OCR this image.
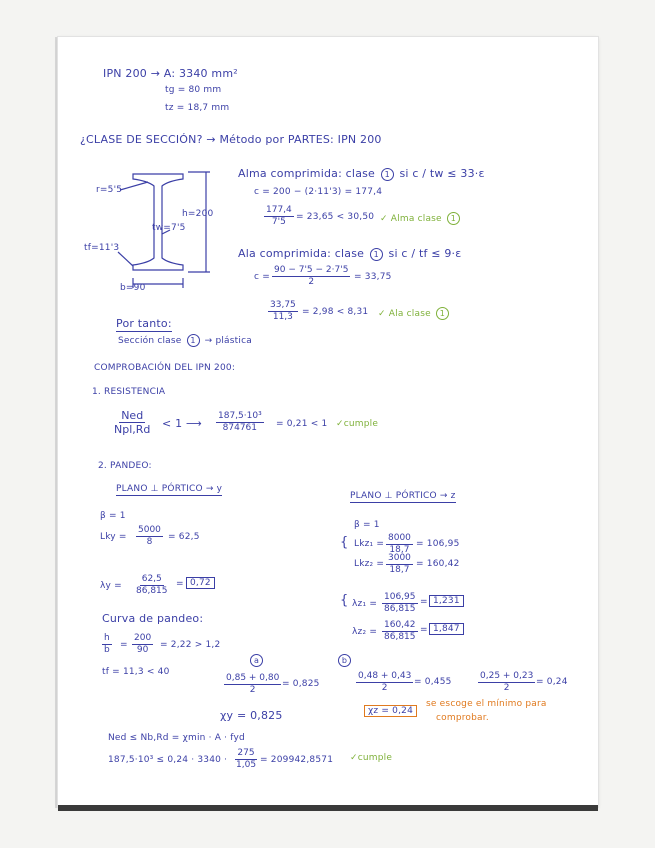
IPN 200 → A: 3340 mm²
tg = 80 mm
tz = 18,7 mm
¿CLASE DE SECCIÓN? → Método por PARTES: IPN 200
r=5'5
tw=7'5
h=200
tf=11'3
b=90
Alma comprimida: clase 1 si c / tw ≤ 33·ε
c = 200 − (2·11'3) = 177,4
$\frac{177,4}{7'5} = 23,65 < 30,50$ ✓ Alma clase 1
Ala comprimida: clase 1 si c / tf ≤ 9·ε
$c = \frac{90 - 7'5 - 2\cdot 7'5}{2} = 33,75$
$\frac{33,75}{11,3} = 2,98 < 8,31$ ✓ Ala clase 1
Por tanto:
Sección clase 1 → plástica
COMPROBACIÓN DEL IPN 200:
1. RESISTENCIA
Ned
Npl,Rd < 1 ⟶ $\frac{\text{187,5·10³}}{874761} = 0,21 < 1$ ✓cumple
2. PANDEO:
PLANO ⊥ PÓRTICO → y
β = 1
Lky = $\frac{5000}{8} = 62,5$
$\lambda y = \frac{62,5}{86,815} = 0,72$
Curva de pandeo:
$\frac{h}{b} = \frac{200}{90} = 2,22 > 1,2$
tf = 11,3 < 40
PLANO ⊥ PÓRTICO → z
β = 1
{ $Lkz_1 = \frac{8000}{18,7} = 106,95$
$Lkz_2 = \frac{3000}{18,7} = 160,42$
{ $\lambda z_1 = \frac{106,95}{86,815} = 1,231$
$\lambda z_2 = \frac{160,42}{86,815} = 1,847$
a	b
$\frac{0,85 + 0,80}{2} = 0,825$	$\frac{0,48 + 0,43}{2} = 0,455$	$\frac{0,25 + 0,23}{2} = 0,24$
χy = 0,825	χz = 0,24
se escoge el mínimo para
comprobar.
Ned ≤ Nb,Rd = χmin · A · fyd
$187,5\cdot 10^3 \le 0,24 \cdot 3340 \cdot \frac{275}{1,05} = 209942,8571$ ✓cumple
